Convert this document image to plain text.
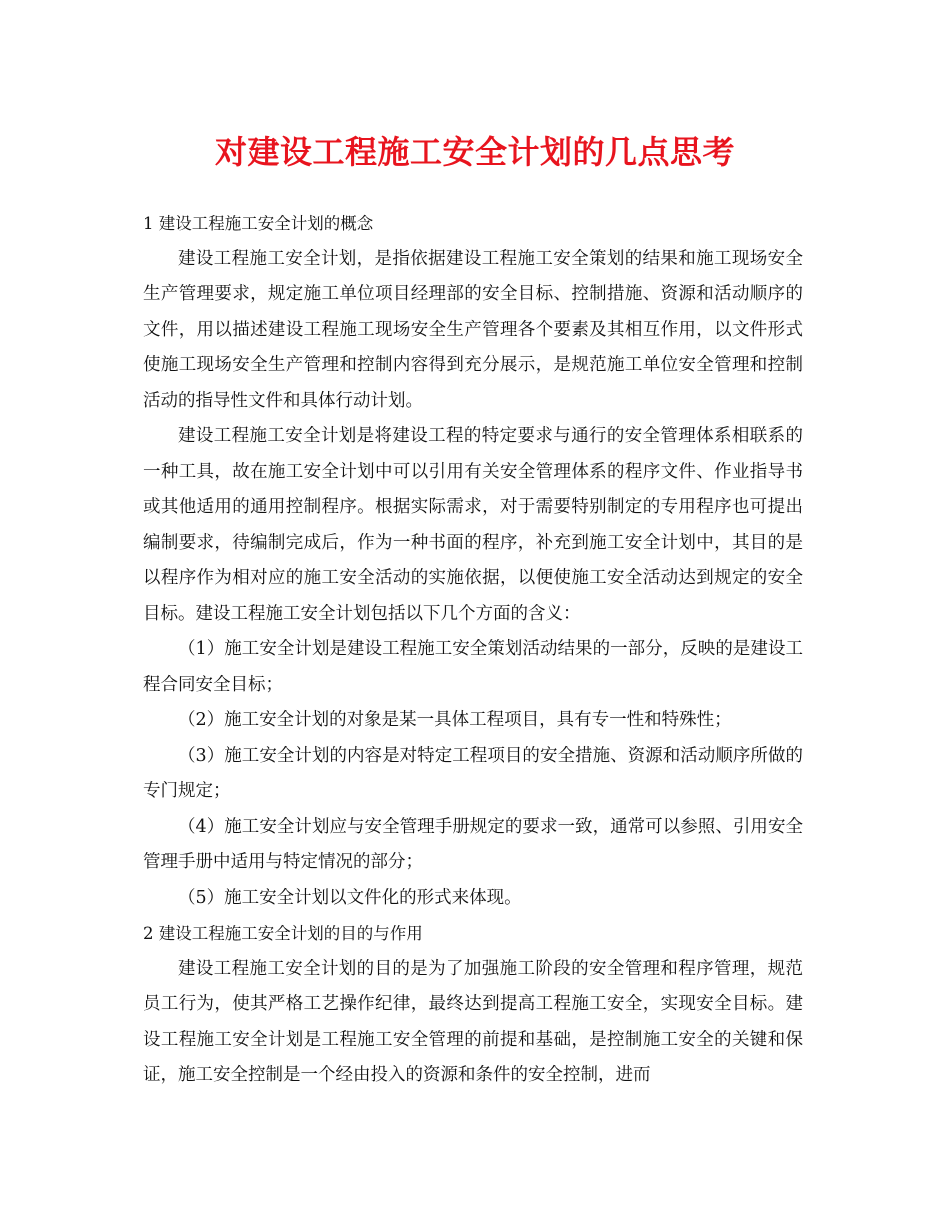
对建设工程施工安全计划的几点思考

1 建设工程施工安全计划的概念

建设工程施工安全计划，是指依据建设工程施工安全策划的结果和施工现场安全生产管理要求，规定施工单位项目经理部的安全目标、控制措施、资源和活动顺序的文件，用以描述建设工程施工现场安全生产管理各个要素及其相互作用，以文件形式使施工现场安全生产管理和控制内容得到充分展示，是规范施工单位安全管理和控制活动的指导性文件和具体行动计划。

建设工程施工安全计划是将建设工程的特定要求与通行的安全管理体系相联系的一种工具，故在施工安全计划中可以引用有关安全管理体系的程序文件、作业指导书或其他适用的通用控制程序。根据实际需求，对于需要特别制定的专用程序也可提出编制要求，待编制完成后，作为一种书面的程序，补充到施工安全计划中，其目的是以程序作为相对应的施工安全活动的实施依据，以便使施工安全活动达到规定的安全目标。建设工程施工安全计划包括以下几个方面的含义：

（1）施工安全计划是建设工程施工安全策划活动结果的一部分，反映的是建设工程合同安全目标；

（2）施工安全计划的对象是某一具体工程项目，具有专一性和特殊性；

（3）施工安全计划的内容是对特定工程项目的安全措施、资源和活动顺序所做的专门规定；

（4）施工安全计划应与安全管理手册规定的要求一致，通常可以参照、引用安全管理手册中适用与特定情况的部分；

（5）施工安全计划以文件化的形式来体现。

2 建设工程施工安全计划的目的与作用

建设工程施工安全计划的目的是为了加强施工阶段的安全管理和程序管理，规范员工行为，使其严格工艺操作纪律，最终达到提高工程施工安全，实现安全目标。建设工程施工安全计划是工程施工安全管理的前提和基础，是控制施工安全的关键和保证，施工安全控制是一个经由投入的资源和条件的安全控制，进而
